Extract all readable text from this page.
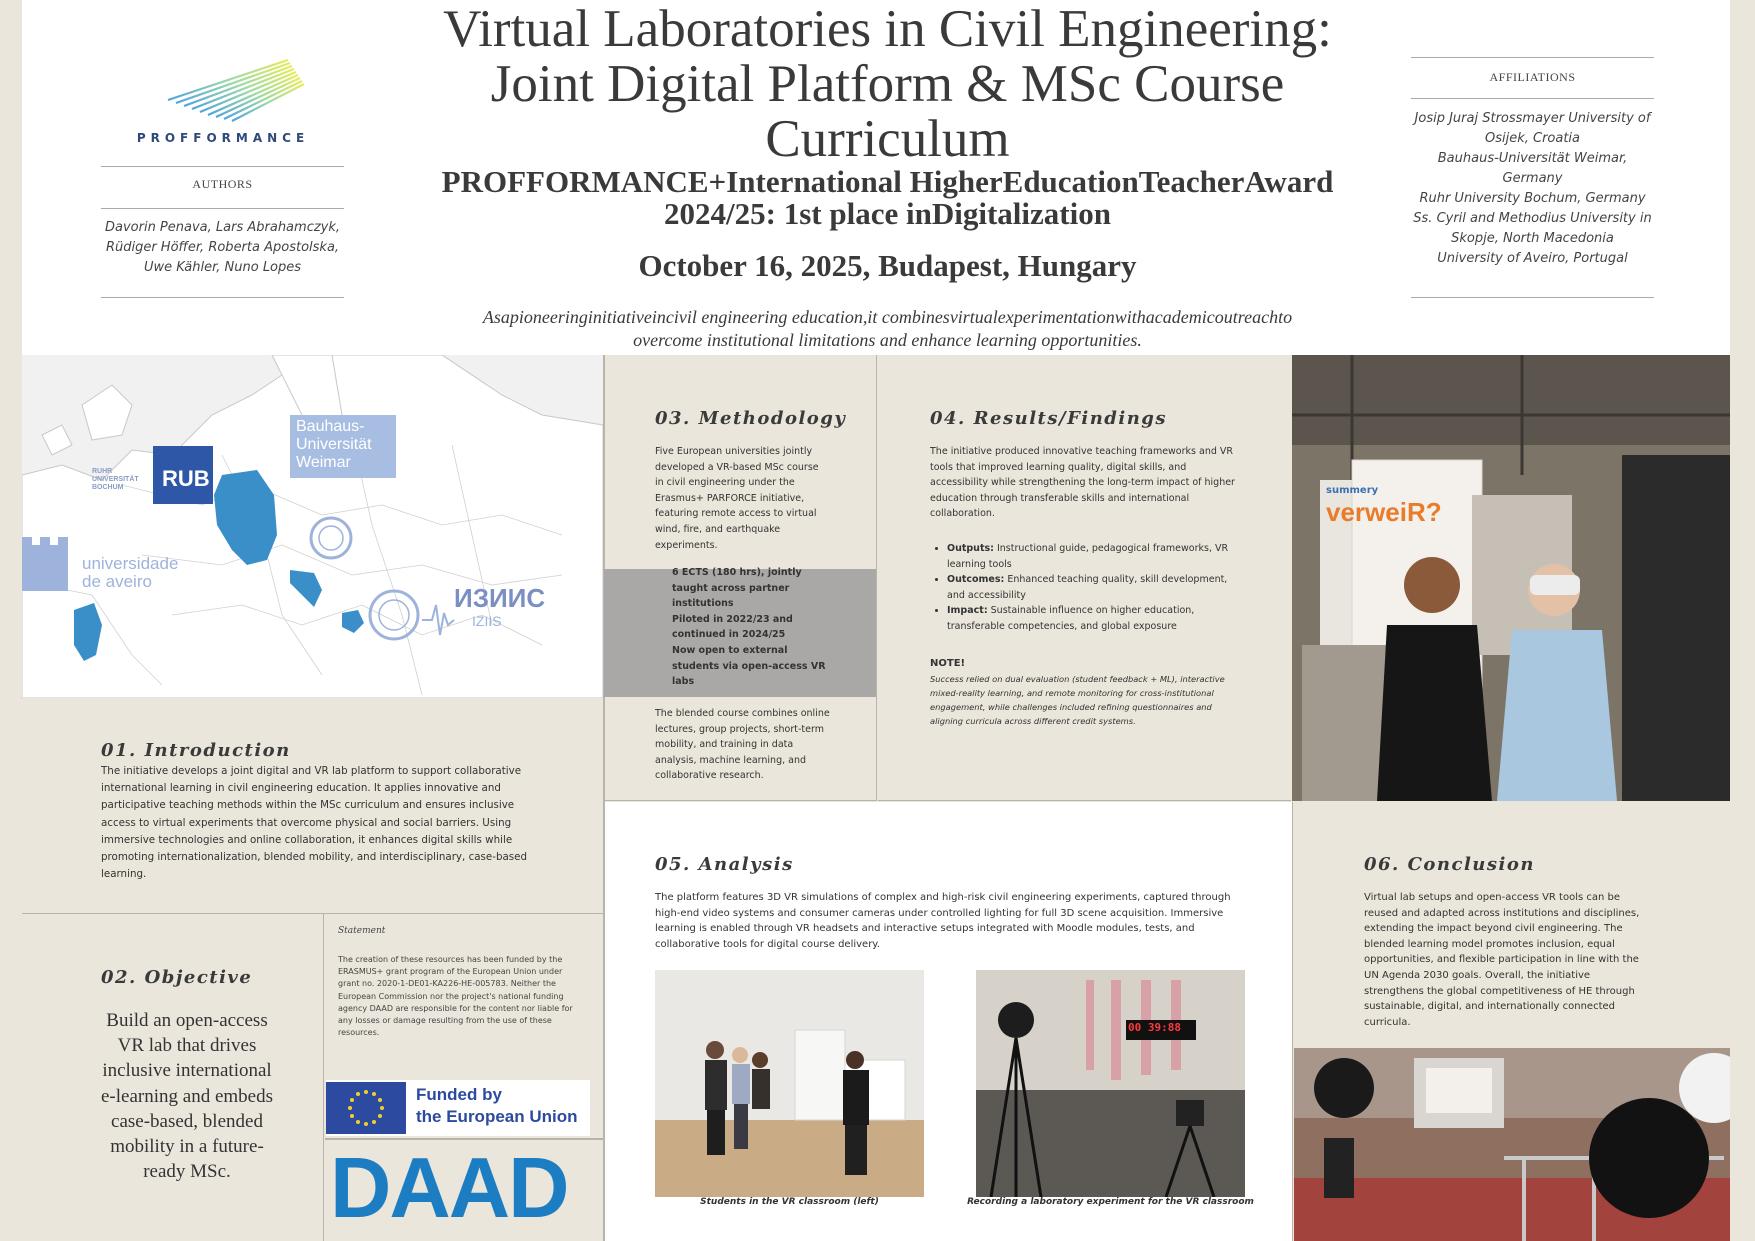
PROFFORMANCE
AUTHORS
Davorin Penava, Lars Abrahamczyk,
Rüdiger Höffer, Roberta Apostolska,
Uwe Kähler, Nuno Lopes
Virtual Laboratories in Civil Engineering:
Joint Digital Platform & MSc Course
Curriculum
PROFFORMANCE+International HigherEducationTeacherAward
2024/25: 1st place inDigitalization
October 16, 2025, Budapest, Hungary
Asapioneeringinitiativeincivil engineering education,it combinesvirtualexperimentationwithacademicoutreachto
overcome institutional limitations and enhance learning opportunities.
AFFILIATIONS
Josip Juraj Strossmayer University of
Osijek, Croatia
Bauhaus-Universität Weimar,
Germany
Ruhr University Bochum, Germany
Ss. Cyril and Methodius University in
Skopje, North Macedonia
University of Aveiro, Portugal
RUB
RUHR
UNIVERSITÄT
BOCHUM
Bauhaus-
Universität
Weimar
universidade
de aveiro
ИЗИИС
IZIIS
01. Introduction

The initiative develops a joint digital and VR lab platform to support collaborative international learning in civil engineering education. It applies innovative and participative teaching methods within the MSc curriculum and ensures inclusive access to virtual experiments that overcome physical and social barriers. Using immersive technologies and online collaboration, it enhances digital skills while promoting internationalization, blended mobility, and interdisciplinary, case-based learning.

02. Objective

Build an open-access VR lab that drives inclusive international e-learning and embeds case-based, blended mobility in a future-ready MSc.

Statement

The creation of these resources has been funded by the ERASMUS+ grant program of the European Union under grant no. 2020-1-DE01-KA226-HE-005783. Neither the European Commission nor the project's national funding agency DAAD are responsible for the content nor liable for any losses or damage resulting from the use of these resources.

Funded by
the European Union
DAAD
03. Methodology

Five European universities jointly developed a VR-based MSc course in civil engineering under the Erasmus+ PARFORCE initiative, featuring remote access to virtual wind, fire, and earthquake experiments.

6 ECTS (180 hrs), jointly taught across partner institutions
Piloted in 2022/23 and continued in 2024/25
Now open to external students via open-access VR labs

The blended course combines online lectures, group projects, short-term mobility, and training in data analysis, machine learning, and collaborative research.

04. Results/Findings

The initiative produced innovative teaching frameworks and VR tools that improved learning quality, digital skills, and accessibility while strengthening the long-term impact of higher education through transferable skills and international collaboration.

• Outputs: Instructional guide, pedagogical frameworks, VR learning tools
• Outcomes: Enhanced teaching quality, skill development, and accessibility
• Impact: Sustainable influence on higher education, transferable competencies, and global exposure
NOTE!

Success relied on dual evaluation (student feedback + ML), interactive mixed-reality learning, and remote monitoring for cross-institutional engagement, while challenges included refining questionnaires and aligning curricula across different credit systems.

summery
verweiR?
05. Analysis

The platform features 3D VR simulations of complex and high-risk civil engineering experiments, captured through high-end video systems and consumer cameras under controlled lighting for full 3D scene acquisition. Immersive learning is enabled through VR headsets and interactive setups integrated with Moodle modules, tests, and collaborative tools for digital course delivery.

Students in the VR classroom (left)
00 39:88
Recording a laboratory experiment for the VR classroom
06. Conclusion

Virtual lab setups and open-access VR tools can be reused and adapted across institutions and disciplines, extending the impact beyond civil engineering. The blended learning model promotes inclusion, equal opportunities, and flexible participation in line with the UN Agenda 2030 goals. Overall, the initiative strengthens the global competitiveness of HE through sustainable, digital, and internationally connected curricula.
